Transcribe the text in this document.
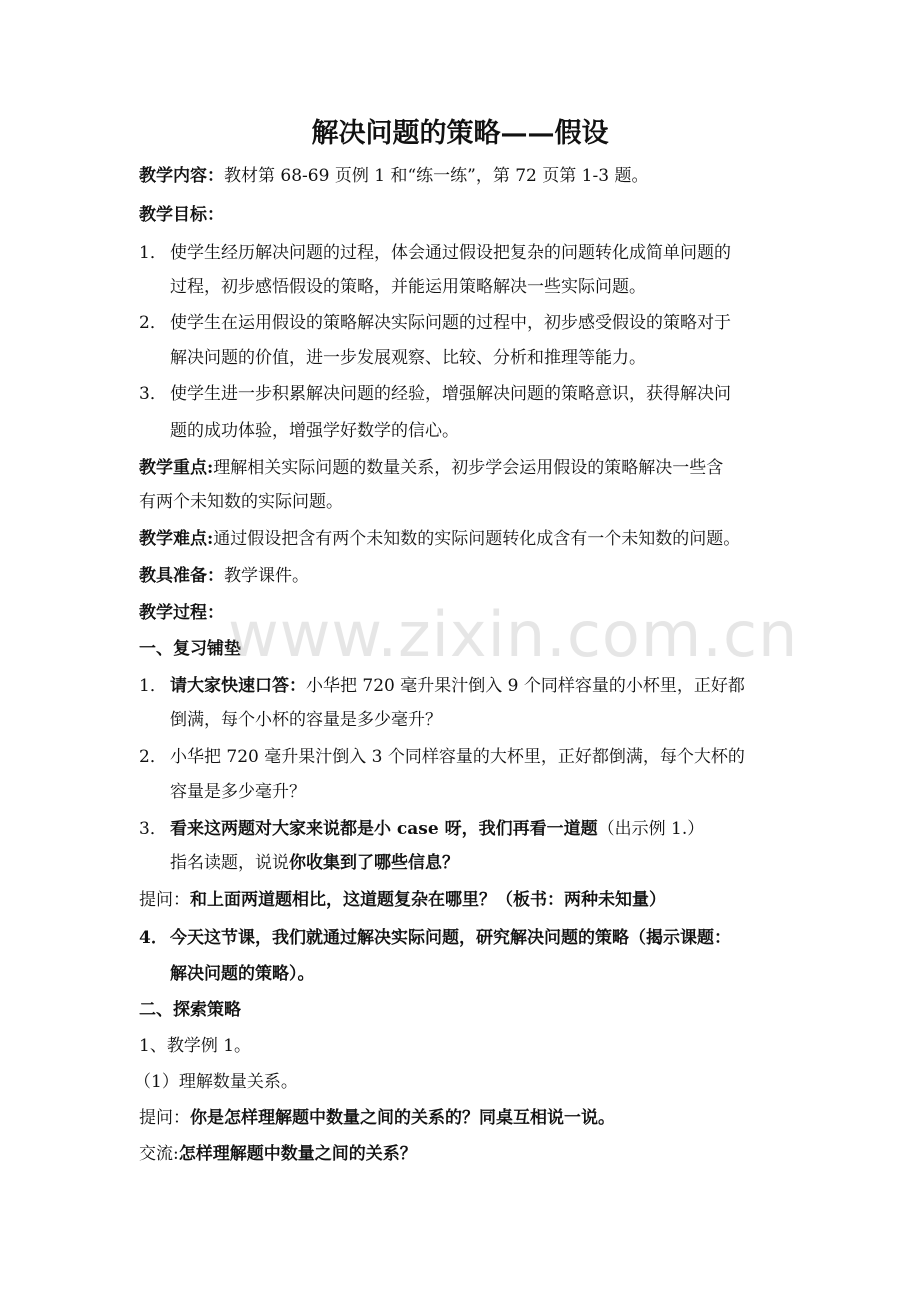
解决问题的策略——假设
教学内容：教材第 68-69 页例 1 和“练一练”，第 72 页第 1-3 题。
教学目标：
1． 使学生经历解决问题的过程，体会通过假设把复杂的问题转化成简单问题的
过程，初步感悟假设的策略，并能运用策略解决一些实际问题。
2． 使学生在运用假设的策略解决实际问题的过程中，初步感受假设的策略对于
解决问题的价值，进一步发展观察、比较、分析和推理等能力。
3． 使学生进一步积累解决问题的经验，增强解决问题的策略意识，获得解决问
题的成功体验，增强学好数学的信心。
教学重点:理解相关实际问题的数量关系，初步学会运用假设的策略解决一些含
有两个未知数的实际问题。
教学难点:通过假设把含有两个未知数的实际问题转化成含有一个未知数的问题。
教具准备：教学课件。
教学过程：
一、复习铺垫
1． 请大家快速口答：小华把 720 毫升果汁倒入 9 个同样容量的小杯里，正好都
倒满，每个小杯的容量是多少毫升？
2． 小华把 720 毫升果汁倒入 3 个同样容量的大杯里，正好都倒满，每个大杯的
容量是多少毫升？
3． 看来这两题对大家来说都是小 case 呀，我们再看一道题（出示例 1.）
指名读题，说说你收集到了哪些信息？
提问：和上面两道题相比，这道题复杂在哪里？（板书：两种未知量）
4． 今天这节课，我们就通过解决实际问题，研究解决问题的策略（揭示课题：
解决问题的策略）。
二、探索策略
1、教学例 1。
（1）理解数量关系。
提问：你是怎样理解题中数量之间的关系的？同桌互相说一说。
交流:怎样理解题中数量之间的关系？
www.zixin.com.cn
